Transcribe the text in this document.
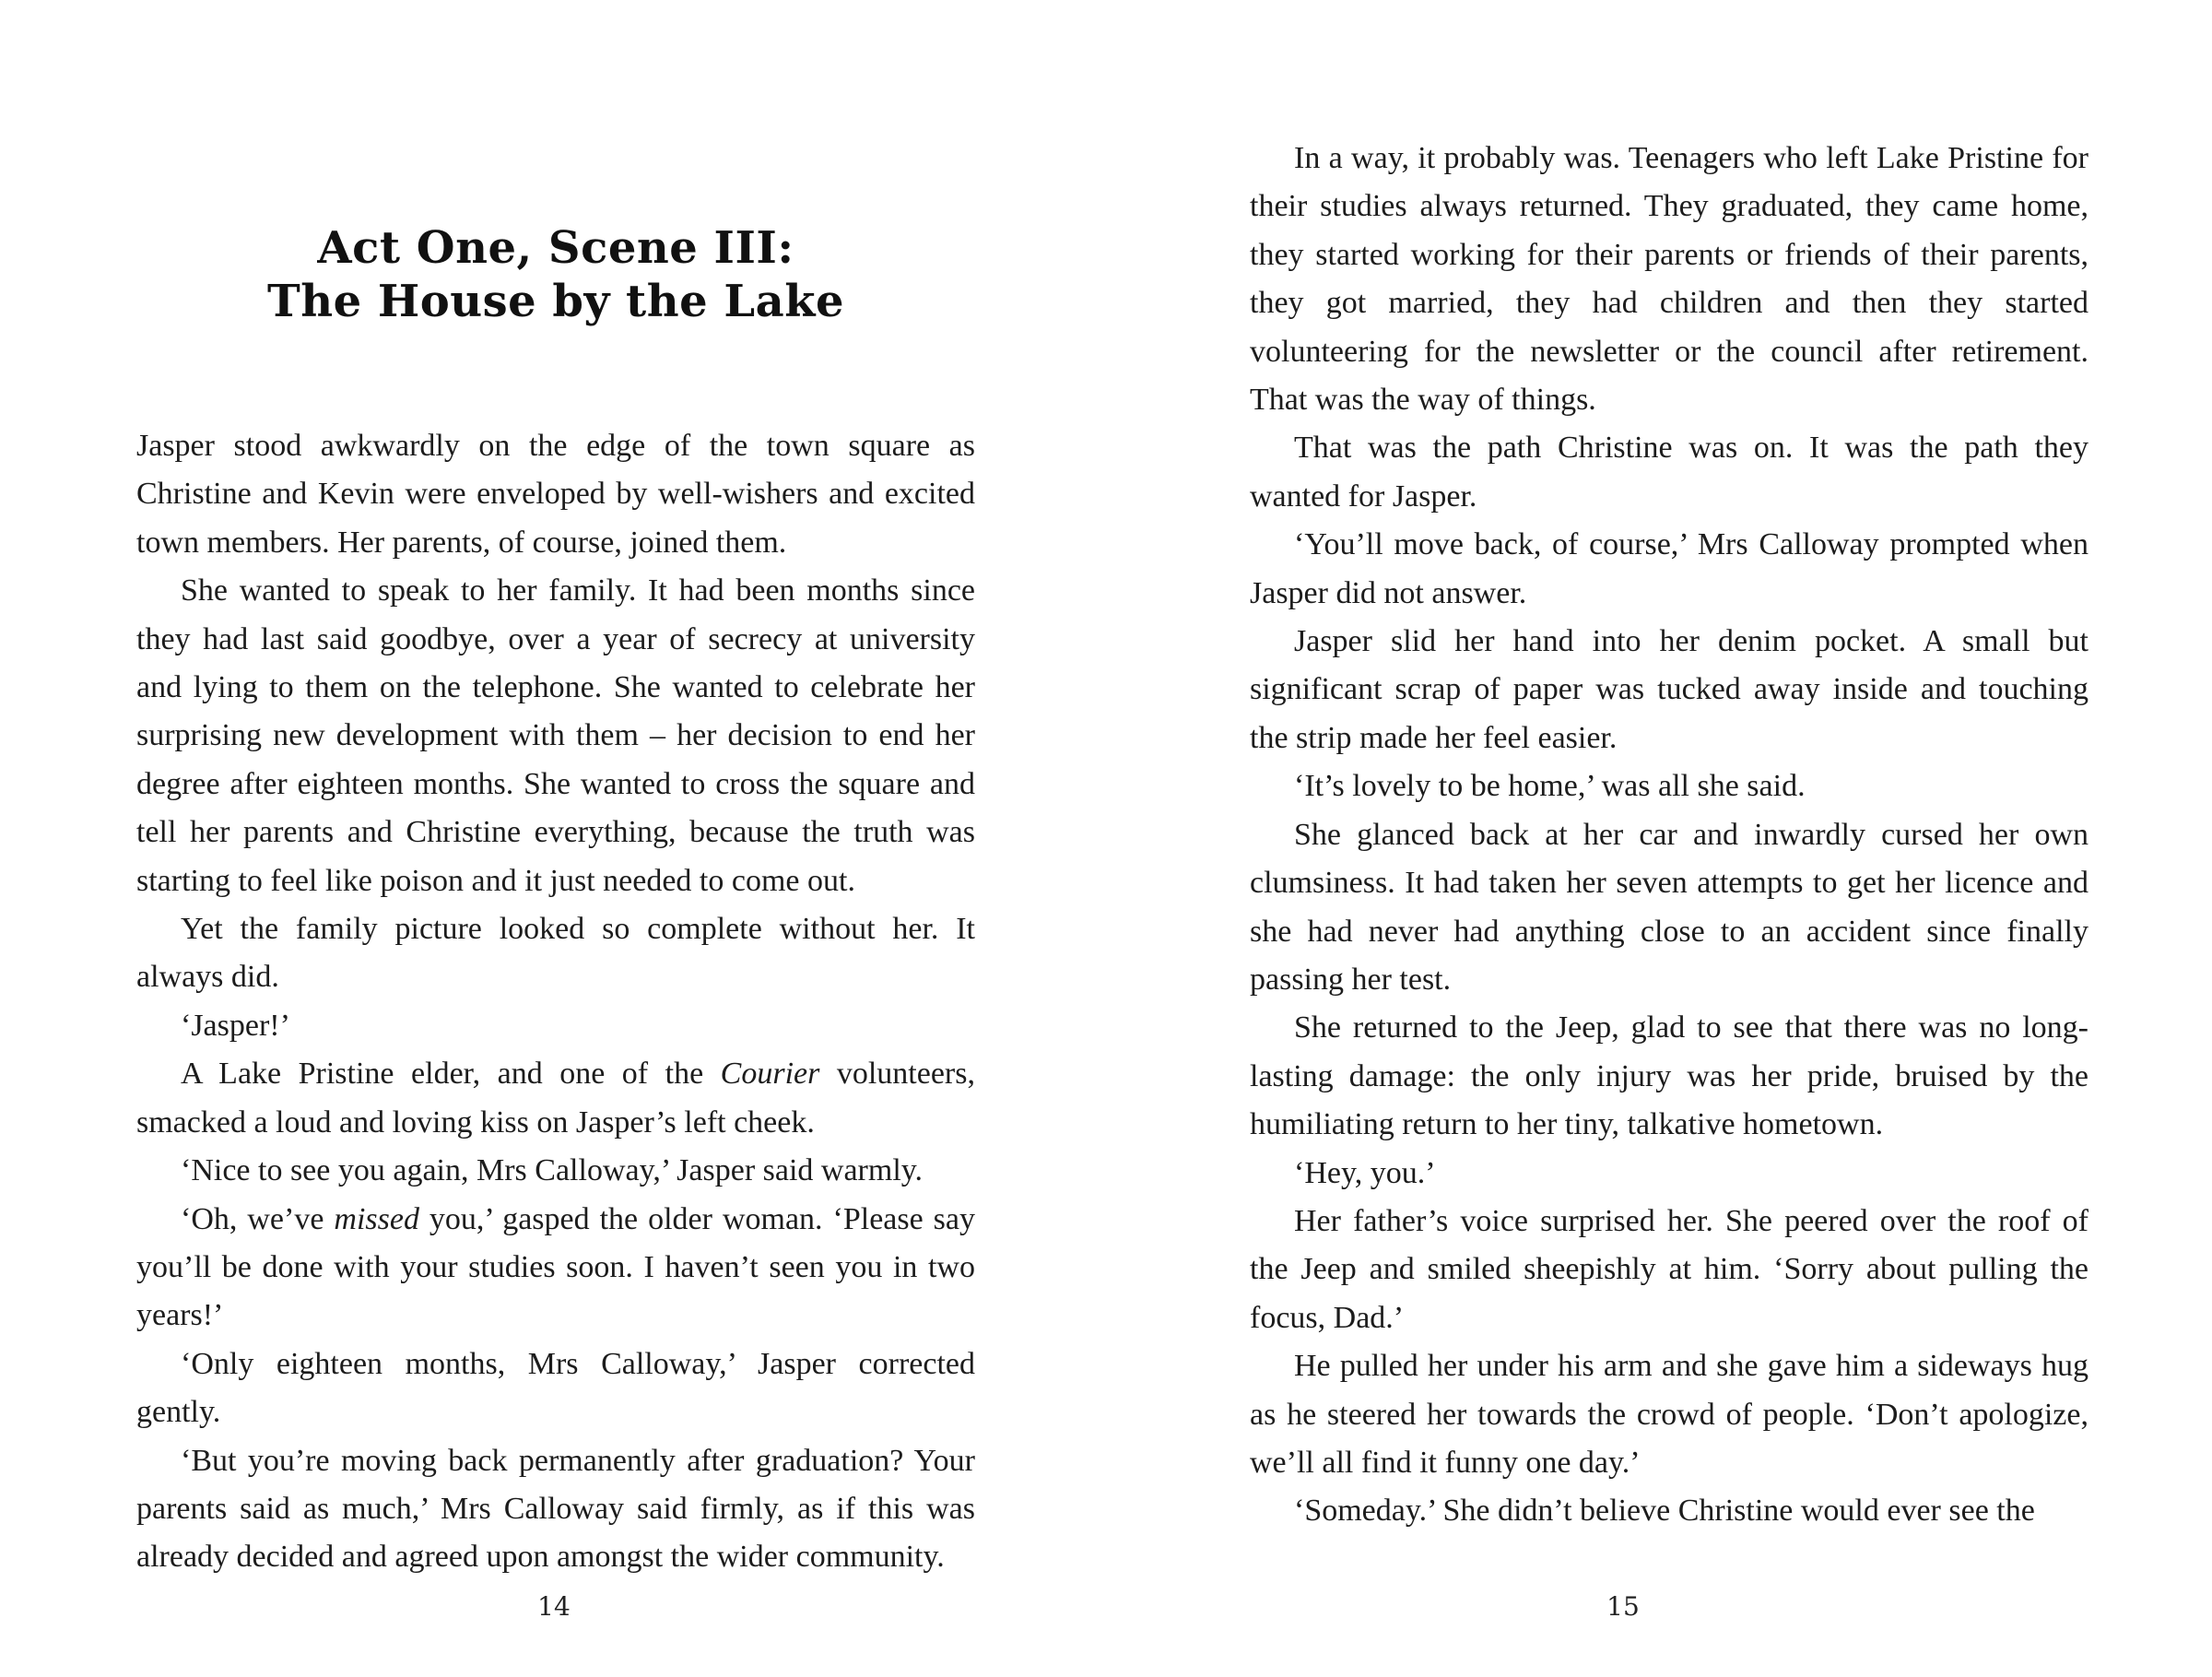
Act One, Scene III:
The House by the Lake

Jasper stood awkwardly on the edge of the town square as Christine and Kevin were enveloped by well-wishers and excited town members. Her parents, of course, joined them.

She wanted to speak to her family. It had been months since they had last said goodbye, over a year of secrecy at university and lying to them on the telephone. She wanted to celebrate her surprising new development with them – her decision to end her degree after eighteen months. She wanted to cross the square and tell her parents and Christine everything, because the truth was starting to feel like poison and it just needed to come out.

Yet the family picture looked so complete without her. It always did.

‘Jasper!’

A Lake Pristine elder, and one of the Courier volunteers, smacked a loud and loving kiss on Jasper’s left cheek.

‘Nice to see you again, Mrs Calloway,’ Jasper said warmly.

‘Oh, we’ve missed you,’ gasped the older woman. ‘Please say you’ll be done with your studies soon. I haven’t seen you in two years!’

‘Only eighteen months, Mrs Calloway,’ Jasper corrected gently.

‘But you’re moving back permanently after graduation? Your parents said as much,’ Mrs Calloway said firmly, as if this was already decided and agreed upon amongst the wider community.

14

In a way, it probably was. Teenagers who left Lake Pristine for their studies always returned. They graduated, they came home, they started working for their parents or friends of their parents, they got married, they had children and then they started volunteering for the newsletter or the council after retirement. That was the way of things.

That was the path Christine was on. It was the path they wanted for Jasper.

‘You’ll move back, of course,’ Mrs Calloway prompted when Jasper did not answer.

Jasper slid her hand into her denim pocket. A small but significant scrap of paper was tucked away inside and touching the strip made her feel easier.

‘It’s lovely to be home,’ was all she said.

She glanced back at her car and inwardly cursed her own clumsiness. It had taken her seven attempts to get her licence and she had never had anything close to an accident since finally passing her test.

She returned to the Jeep, glad to see that there was no long-lasting damage: the only injury was her pride, bruised by the humiliating return to her tiny, talkative hometown.

‘Hey, you.’

Her father’s voice surprised her. She peered over the roof of the Jeep and smiled sheepishly at him. ‘Sorry about pulling the focus, Dad.’

He pulled her under his arm and she gave him a sideways hug as he steered her towards the crowd of people. ‘Don’t apologize, we’ll all find it funny one day.’

‘Someday.’ She didn’t believe Christine would ever see the

15
